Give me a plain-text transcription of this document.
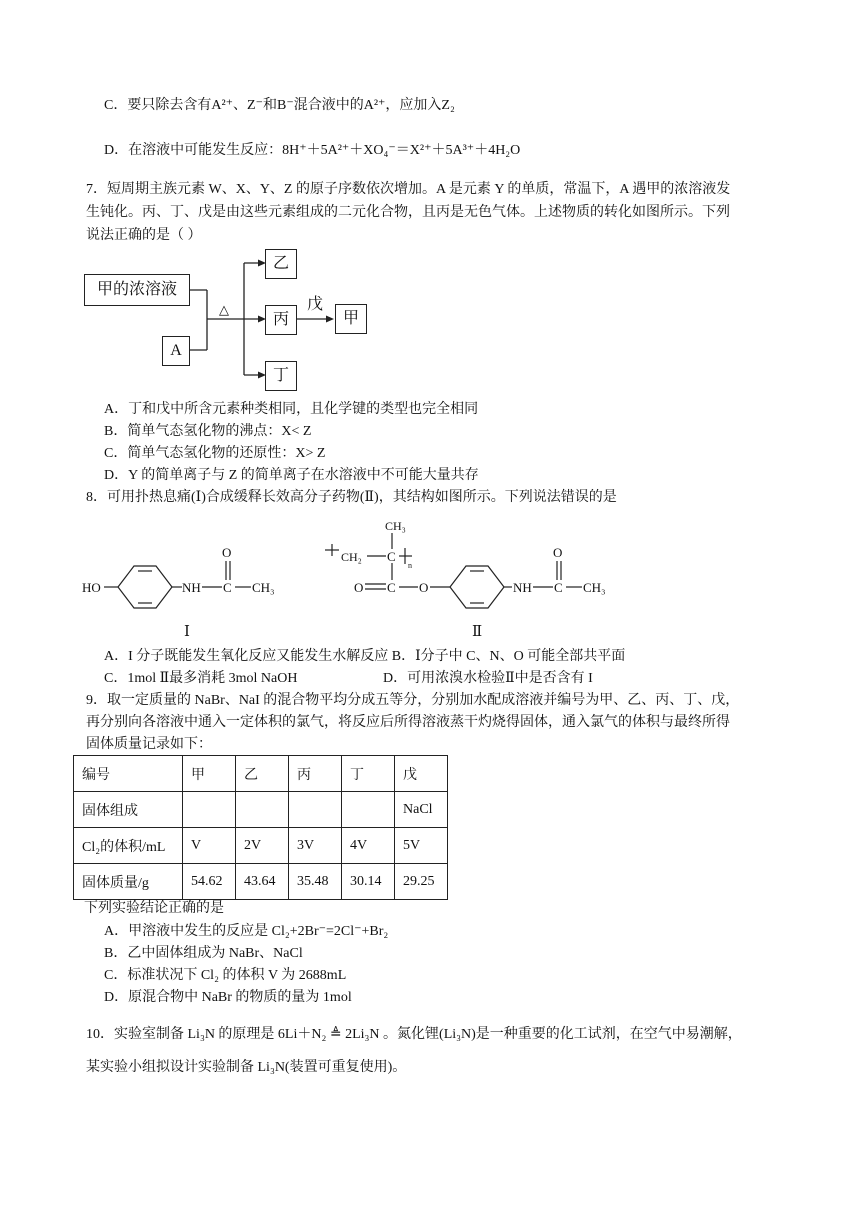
C．要只除去含有A²⁺、Z⁻和B⁻混合液中的A²⁺，应加入Z₂
D．在溶液中可能发生反应：8H⁺＋5A²⁺＋XO₄⁻＝X²⁺＋5A³⁺＋4H₂O
7．短周期主族元素 W、X、Y、Z 的原子序数依次增加。A 是元素 Y 的单质，常温下，A 遇甲的浓溶液发
生钝化。丙、丁、戊是由这些元素组成的二元化合物，且丙是无色气体。上述物质的转化如图所示。下列
说法正确的是（ ）
甲的浓溶液
A
△
乙
丙
丁
戊
甲
A．丁和戊中所含元素种类相同，且化学键的类型也完全相同
B．简单气态氢化物的沸点：X< Z
C．简单气态氢化物的还原性：X> Z
D．Y 的简单离子与 Z 的简单离子在水溶液中不可能大量共存
8．可用扑热息痛(Ⅰ)合成缓释长效高分子药物(Ⅱ)，其结构如图所示。下列说法错误的是
HO	NH C CH₃
O
Ⅰ
CH₃
CH₂ C
n
O C O	NH C CH₃
O
Ⅱ
A．I 分子既能发生氧化反应又能发生水解反应 B．Ⅰ分子中 C、N、O 可能全部共平面
C．1mol Ⅱ最多消耗 3mol NaOH	D．可用浓溴水检验Ⅱ中是否含有 I
9．取一定质量的 NaBr、NaI 的混合物平均分成五等分，分别加水配成溶液并编号为甲、乙、丙、丁、戊，
再分别向各溶液中通入一定体积的氯气，将反应后所得溶液蒸干灼烧得固体，通入氯气的体积与最终所得
固体质量记录如下：
编号	甲	乙	丙	丁	戊
固体组成					NaCl
Cl₂的体积/mL	V	2V	3V	4V	5V
固体质量/g	54.62	43.64	35.48	30.14	29.25
下列实验结论正确的是
A．甲溶液中发生的反应是 Cl₂+2Br⁻=2Cl⁻+Br₂
B．乙中固体组成为 NaBr、NaCl
C．标准状况下 Cl₂ 的体积 V 为 2688mL
D．原混合物中 NaBr 的物质的量为 1mol
10．实验室制备 Li₃N 的原理是 6Li＋N₂ ≜ 2Li₃N 。氮化锂(Li₃N)是一种重要的化工试剂，在空气中易潮解，
某实验小组拟设计实验制备 Li₃N(装置可重复使用)。
